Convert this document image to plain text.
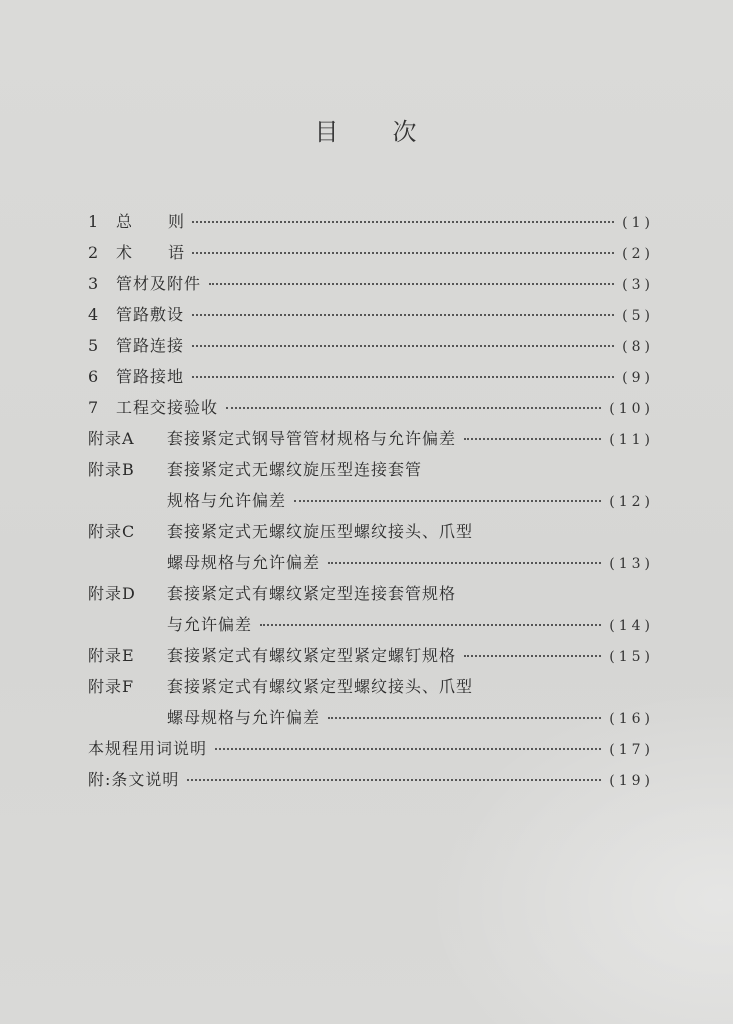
目 次
1	总 则	(1)
2	术 语	(2)
3	管材及附件	(3)
4	管路敷设	(5)
5	管路连接	(8)
6	管路接地	(9)
7	工程交接验收	(10)
附录A	套接紧定式钢导管管材规格与允许偏差	(11)
附录B	套接紧定式无螺纹旋压型连接套管
规格与允许偏差	(12)
附录C	套接紧定式无螺纹旋压型螺纹接头、爪型
螺母规格与允许偏差	(13)
附录D	套接紧定式有螺纹紧定型连接套管规格
与允许偏差	(14)
附录E	套接紧定式有螺纹紧定型紧定螺钉规格	(15)
附录F	套接紧定式有螺纹紧定型螺纹接头、爪型
螺母规格与允许偏差	(16)
本规程用词说明	(17)
附:条文说明	(19)
